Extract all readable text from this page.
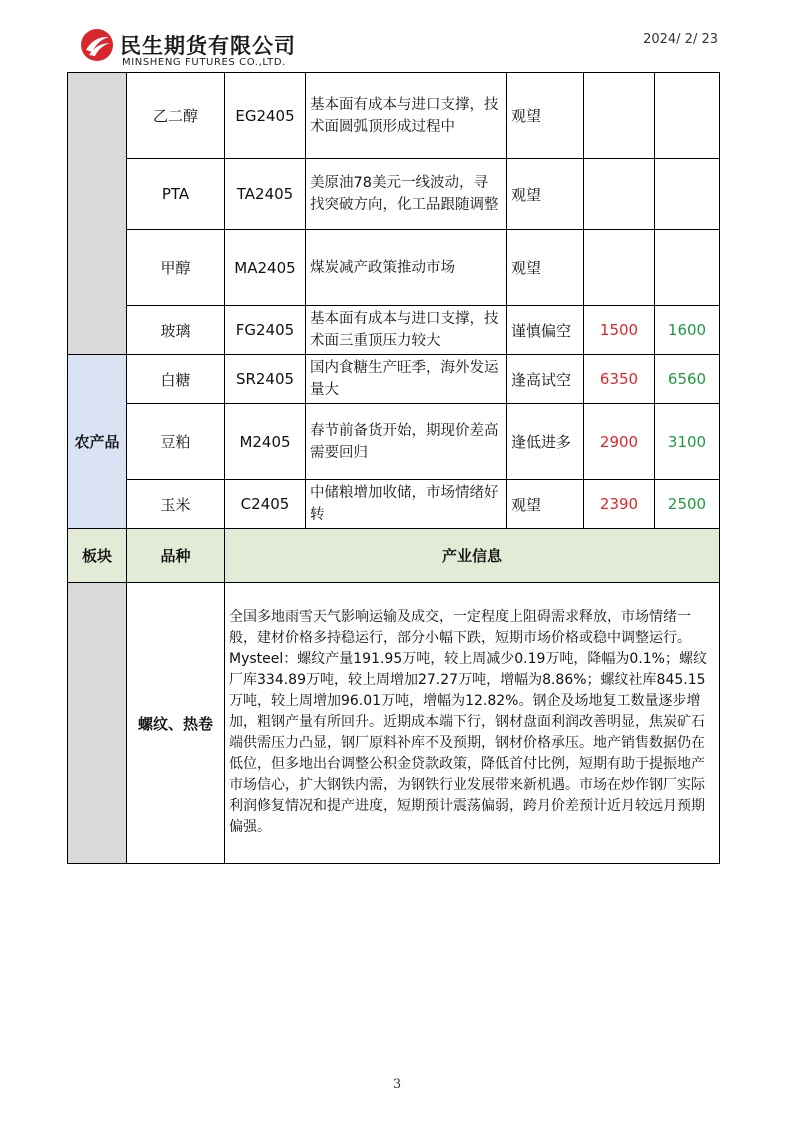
民生期货有限公司
MINSHENG FUTURES CO.,LTD.
2024/ 2/ 23
	乙二醇	EG2405	基本面有成本与进口支撑，技术面圆弧顶形成过程中	观望		
	PTA	TA2405	美原油78美元一线波动，寻找突破方向，化工品跟随调整	观望		
	甲醇	MA2405	煤炭减产政策推动市场	观望		
	玻璃	FG2405	基本面有成本与进口支撑，技术面三重顶压力较大	谨慎偏空	1500	1600
农产品	白糖	SR2405	国内食糖生产旺季，海外发运量大	逢高试空	6350	6560
	豆粕	M2405	春节前备货开始，期现价差高需要回归	逢低进多	2900	3100
	玉米	C2405	中储粮增加收储，市场情绪好转	观望	2390	2500
板块	品种	产业信息				
	螺纹、热卷	全国多地雨雪天气影响运输及成交，一定程度上阻碍需求释放，市场情绪一般，建材价格多持稳运行，部分小幅下跌，短期市场价格或稳中调整运行。Mysteel：螺纹产量191.95万吨，较上周减少0.19万吨，降幅为0.1%；螺纹厂库334.89万吨，较上周增加27.27万吨，增幅为8.86%；螺纹社库845.15万吨，较上周增加96.01万吨，增幅为12.82%。钢企及场地复工数量逐步增加，粗钢产量有所回升。近期成本端下行，钢材盘面利润改善明显，焦炭矿石端供需压力凸显，钢厂原料补库不及预期，钢材价格承压。地产销售数据仍在低位，但多地出台调整公积金贷款政策，降低首付比例，短期有助于提振地产市场信心，扩大钢铁内需，为钢铁行业发展带来新机遇。市场在炒作钢厂实际利润修复情况和提产进度，短期预计震荡偏弱，跨月价差预计近月较远月预期偏强。				
3
